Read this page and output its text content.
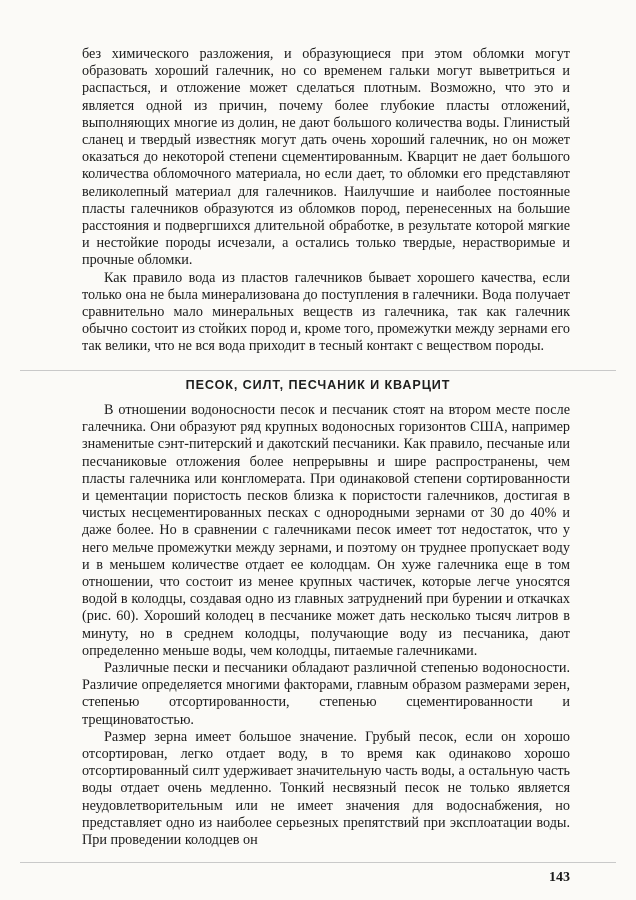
без химического разложения, и образующиеся при этом обломки могут образовать хороший галечник, но со временем гальки могут выветриться и распасться, и отложение может сделаться плотным. Возможно, что это и является одной из причин, почему более глубокие пласты отложений, выполняющих многие из долин, не дают большого количества воды. Глинистый сланец и твердый известняк могут дать очень хороший галечник, но он может оказаться до некоторой степени сцементированным. Кварцит не дает большого количества обломочного материала, но если дает, то обломки его представляют великолепный материал для галечников. Наилучшие и наиболее постоянные пласты галечников образуются из обломков пород, перенесенных на большие расстояния и подвергшихся длительной обработке, в результате которой мягкие и нестойкие породы исчезали, а остались только твердые, нерастворимые и прочные обломки.

Как правило вода из пластов галечников бывает хорошего качества, если только она не была минерализована до поступления в галечники. Вода получает сравнительно мало минеральных веществ из галечника, так как галечник обычно состоит из стойких пород и, кроме того, промежутки между зернами его так велики, что не вся вода приходит в тесный контакт с веществом породы.

ПЕСОК, СИЛТ, ПЕСЧАНИК И КВАРЦИТ

В отношении водоносности песок и песчаник стоят на втором месте после галечника. Они образуют ряд крупных водоносных горизонтов США, например знаменитые сэнт-питерский и дакотский песчаники. Как правило, песчаные или песчаниковые отложения более непрерывны и шире распространены, чем пласты галечника или конгломерата. При одинаковой степени сортированности и цементации пористость песков близка к пористости галечников, достигая в чистых несцементированных песках с однородными зернами от 30 до 40% и даже более. Но в сравнении с галечниками песок имеет тот недостаток, что у него мельче промежутки между зернами, и поэтому он труднее пропускает воду и в меньшем количестве отдает ее колодцам. Он хуже галечника еще в том отношении, что состоит из менее крупных частичек, которые легче уносятся водой в колодцы, создавая одно из главных затруднений при бурении и откачках (рис. 60). Хороший колодец в песчанике может дать несколько тысяч литров в минуту, но в среднем колодцы, получающие воду из песчаника, дают определенно меньше воды, чем колодцы, питаемые галечниками.

Различные пески и песчаники обладают различной степенью водоносности. Различие определяется многими факторами, главным образом размерами зерен, степенью отсортированности, степенью сцементированности и трещиноватостью.

Размер зерна имеет большое значение. Грубый песок, если он хорошо отсортирован, легко отдает воду, в то время как одинаково хорошо отсортированный силт удерживает значительную часть воды, а остальную часть воды отдает очень медленно. Тонкий несвязный песок не только является неудовлетворительным или не имеет значения для водоснабжения, но представляет одно из наиболее серьезных препятствий при эксплоатации воды. При проведении колодцев он

143
